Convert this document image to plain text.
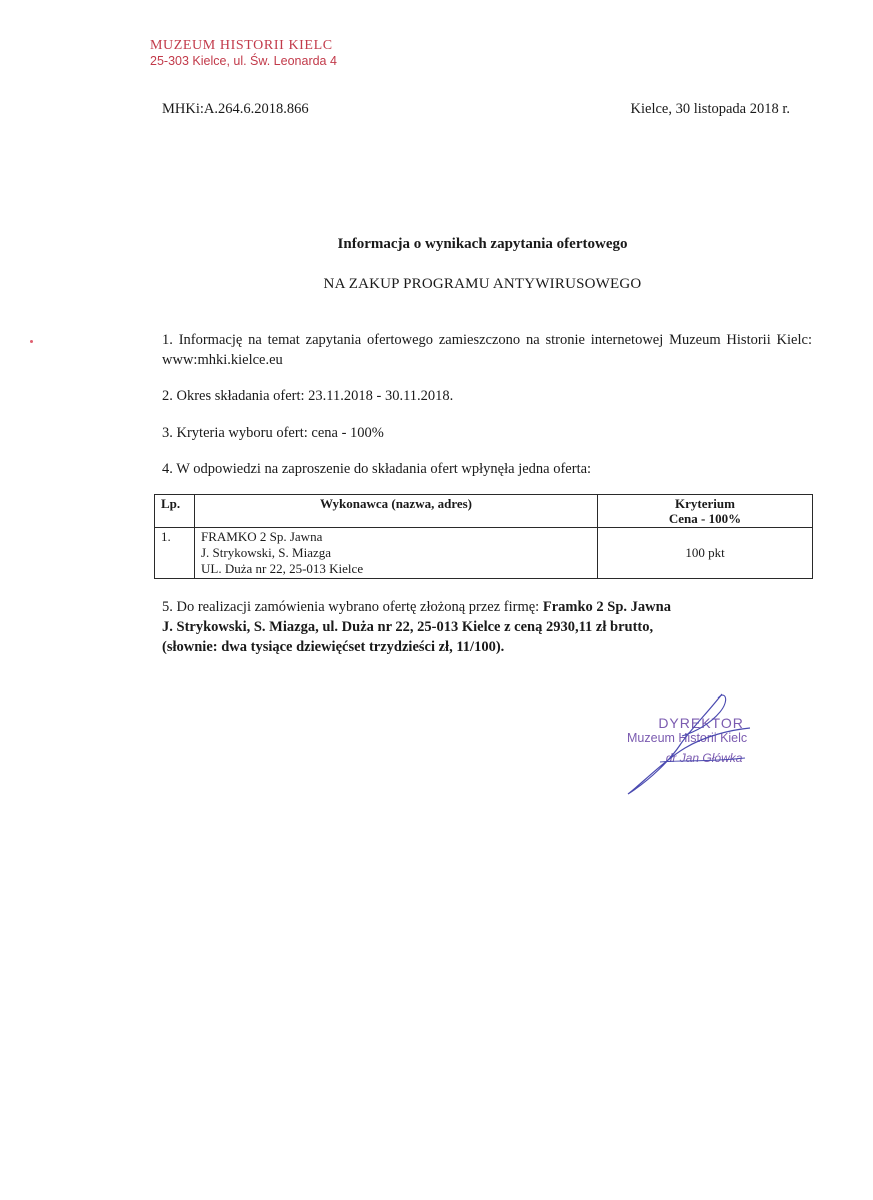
MUZEUM HISTORII KIELC
25-303 Kielce, ul. Św. Leonarda 4
MHKi:A.264.6.2018.866	Kielce, 30 listopada 2018 r.
Informacja o wynikach zapytania ofertowego
NA ZAKUP PROGRAMU ANTYWIRUSOWEGO
1. Informację na temat zapytania ofertowego zamieszczono na stronie internetowej Muzeum Historii Kielc: www:mhki.kielce.eu
2. Okres składania ofert: 23.11.2018 - 30.11.2018.
3. Kryteria wyboru ofert: cena - 100%
4. W odpowiedzi na zaproszenie do składania ofert wpłynęła jedna oferta:
Lp.	Wykonawca (nazwa, adres)	Kryterium
Cena - 100%

1.	FRAMKO 2 Sp. Jawna
J. Strykowski, S. Miazga
UL. Duża nr 22, 25-013 Kielce	100 pkt
5. Do realizacji zamówienia wybrano ofertę złożoną przez firmę: Framko 2 Sp. Jawna
J. Strykowski, S. Miazga, ul. Duża nr 22, 25-013 Kielce z ceną 2930,11 zł brutto,
(słownie: dwa tysiące dziewięćset trzydzieści zł, 11/100).
DYREKTOR
Muzeum Historii Kielc
dr Jan Główka
